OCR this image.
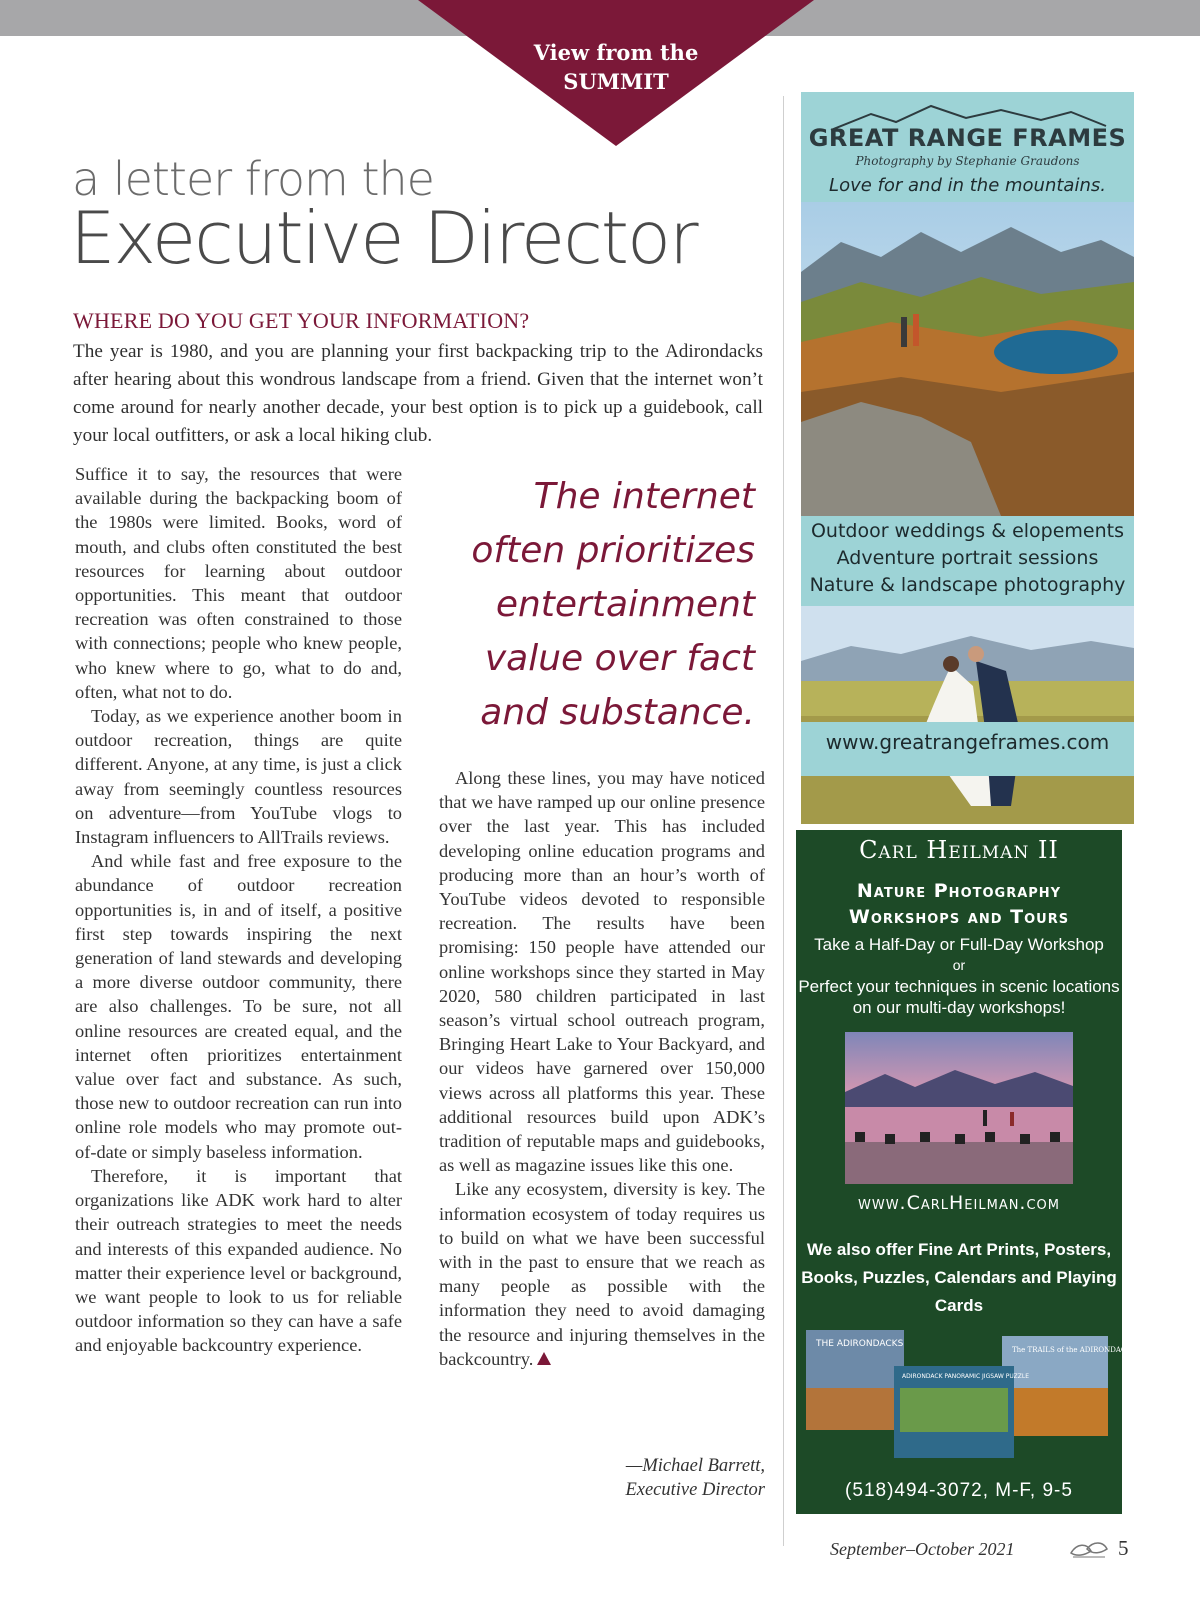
View from the
SUMMIT
a letter from the
Executive Director
WHERE DO YOU GET YOUR INFORMATION?
The year is 1980, and you are planning your first backpacking trip to the Adirondacks after hearing about this wondrous landscape from a friend. Given that the internet won’t come around for nearly another decade, your best option is to pick up a guidebook, call your local outfitters, or ask a local hiking club.

Suffice it to say, the resources that were available during the backpacking boom of the 1980s were limited. Books, word of mouth, and clubs often constituted the best resources for learning about outdoor opportunities. This meant that outdoor recreation was often constrained to those with connections; people who knew people, who knew where to go, what to do and, often, what not to do.

Today, as we experience another boom in outdoor recreation, things are quite different. Anyone, at any time, is just a click away from seemingly countless resources on adventure—from YouTube vlogs to Instagram influencers to AllTrails reviews.

And while fast and free exposure to the abundance of outdoor recreation opportunities is, in and of itself, a positive first step towards inspiring the next generation of land stewards and developing a more diverse outdoor community, there are also challenges. To be sure, not all online resources are created equal, and the internet often prioritizes entertainment value over fact and substance. As such, those new to outdoor recreation can run into online role models who may promote out-of-date or simply baseless information.

Therefore, it is important that organizations like ADK work hard to alter their outreach strategies to meet the needs and interests of this expanded audience. No matter their experience level or background, we want people to look to us for reliable outdoor information so they can have a safe and enjoyable backcountry experience.

The internet often prioritizes entertainment value over fact and substance.

Along these lines, you may have noticed that we have ramped up our online presence over the last year. This has included developing online education programs and producing more than an hour’s worth of YouTube videos devoted to responsible recreation. The results have been promising: 150 people have attended our online workshops since they started in May 2020, 580 children participated in last season’s virtual school outreach program, Bringing Heart Lake to Your Backyard, and our videos have garnered over 150,000 views across all platforms this year. These additional resources build upon ADK’s tradition of reputable maps and guidebooks, as well as magazine issues like this one.

Like any ecosystem, diversity is key. The information ecosystem of today requires us to build on what we have been successful with in the past to ensure that we reach as many people as possible with the information they need to avoid damaging the resource and injuring themselves in the backcountry.

—Michael Barrett,
Executive Director
GREAT RANGE FRAMES
Photography by Stephanie Graudons
Love for and in the mountains.
Outdoor weddings & elopements
Adventure portrait sessions
Nature & landscape photography
www.greatrangeframes.com
Carl Heilman II
Nature Photography
Workshops and Tours
Take a Half-Day or Full-Day Workshop
or
Perfect your techniques in scenic locations on our multi-day workshops!
www.CarlHeilman.com
We also offer Fine Art Prints, Posters, Books, Puzzles, Calendars and Playing Cards
THE ADIRONDACKS
ADIRONDACK PANORAMIC JIGSAW PUZZLE
The TRAILS of the ADIRONDACKS
(518)494-3072, M-F, 9-5
September–October 2021	5
